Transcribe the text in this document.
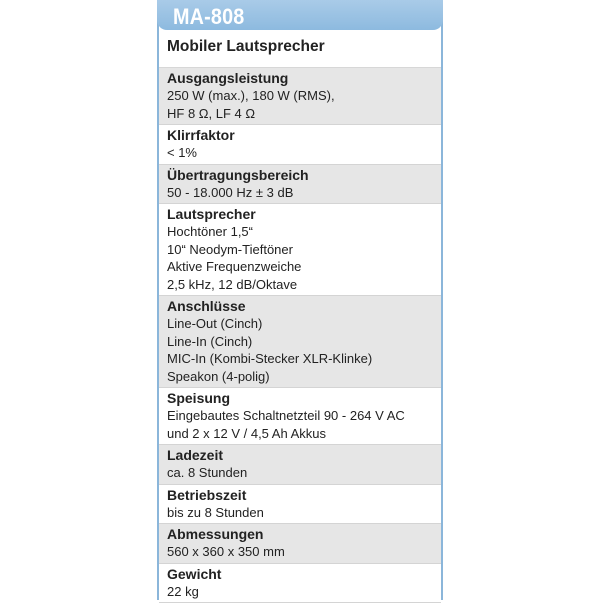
MA-808
Mobiler Lautsprecher
Ausgangsleistung
250 W (max.), 180 W (RMS),
HF 8 Ω, LF 4 Ω
Klirrfaktor
< 1%
Übertragungsbereich
50 - 18.000 Hz ± 3 dB
Lautsprecher
Hochtöner 1,5“
10“ Neodym-Tieftöner
Aktive Frequenzweiche
2,5 kHz, 12 dB/Oktave
Anschlüsse
Line-Out (Cinch)
Line-In (Cinch)
MIC-In (Kombi-Stecker XLR-Klinke)
Speakon (4-polig)
Speisung
Eingebautes Schaltnetzteil 90 - 264 V AC
und 2 x 12 V / 4,5 Ah Akkus
Ladezeit
ca. 8 Stunden
Betriebszeit
bis zu 8 Stunden
Abmessungen
560 x 360 x 350 mm
Gewicht
22 kg
